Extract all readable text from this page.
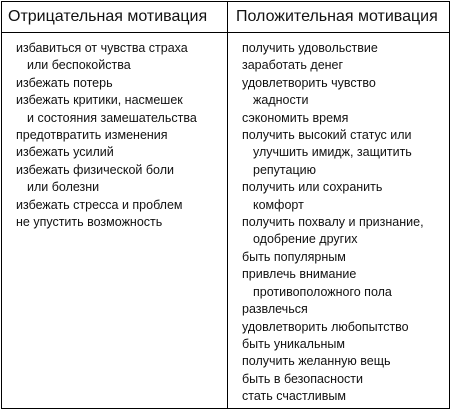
Отрицательная мотивация Положительная мотивация
избавиться от чувства страха
или беспокойства
избежать потерь
избежать критики, насмешек
и состояния замешательства
предотвратить изменения
избежать усилий
избежать физической боли
или болезни
избежать стресса и проблем
не упустить возможность
получить удовольствие
заработать денег
удовлетворить чувство
жадности
сэкономить время
получить высокий статус или
улучшить имидж, защитить
репутацию
получить или сохранить
комфорт
получить похвалу и признание,
одобрение других
быть популярным
привлечь внимание
противоположного пола
развлечься
удовлетворить любопытство
быть уникальным
получить желанную вещь
быть в безопасности
стать счастливым
